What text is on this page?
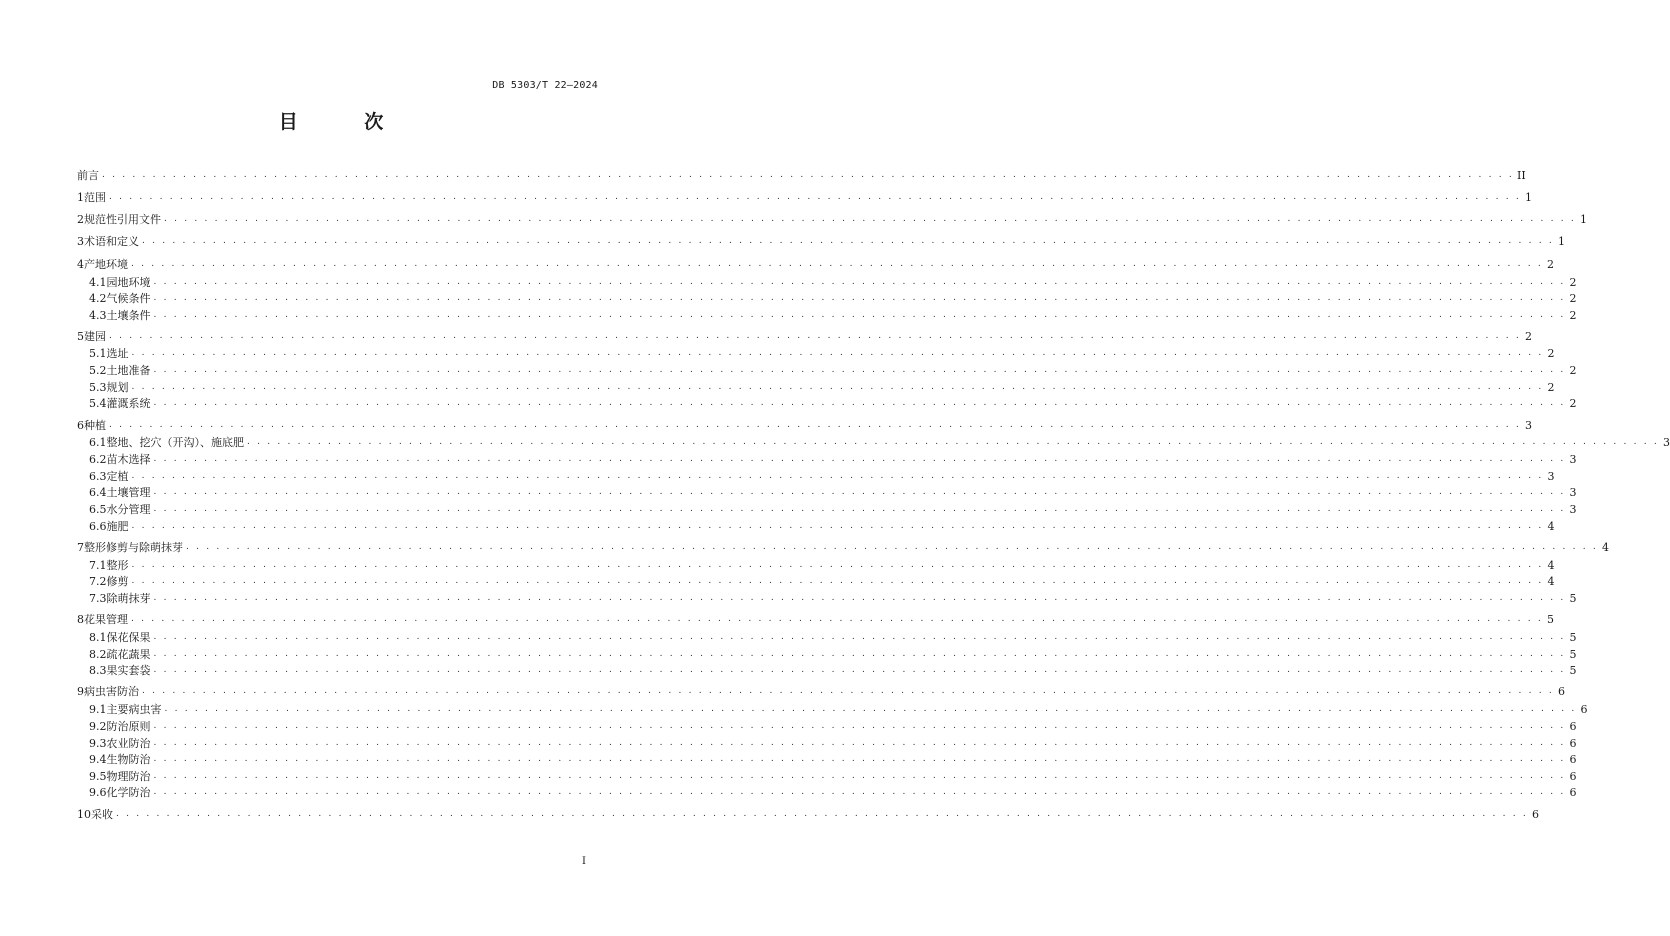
DB 5303/T 22—2024
目 次
前言 . . . . . . . . . . . . . . . . . . . . . . . . . . . . . . . . . . . . . . . . . . . . . . . . . . . . . . . . . . . . . . . . . . . . . . . . . . . . . . . . . . . . . . . . . . . . . . . . . . . . . . . . . . . . . . . . . . . . . . . . . . . . . . . . . . . . . . . . . . . . II
1 范围 . . . . . . . . . . . . . . . . . . . . . . . . . . . . . . . . . . . . . . . . . . . . . . . . . . . . . . . . . . . . . . . . . . . . . . . . . . . . . . . . . . . . . . . . . . . . . . . . . . . . . . . . . . . . . . . . . . . . . . . . . . . . . . . . . . . . . . . . . . . . 1
2 规范性引用文件 . . . . . . . . . . . . . . . . . . . . . . . . . . . . . . . . . . . . . . . . . . . . . . . . . . . . . . . . . . . . . . . . . . . . . . . . . . . . . . . . . . . . . . . . . . . . . . . . . . . . . . . . . . . . . . . . . . . . . . . . . . . . . . . . . . . . . . . . . . . . 1
3 术语和定义 . . . . . . . . . . . . . . . . . . . . . . . . . . . . . . . . . . . . . . . . . . . . . . . . . . . . . . . . . . . . . . . . . . . . . . . . . . . . . . . . . . . . . . . . . . . . . . . . . . . . . . . . . . . . . . . . . . . . . . . . . . . . . . . . . . . . . . . . . . . . 1
4 产地环境 . . . . . . . . . . . . . . . . . . . . . . . . . . . . . . . . . . . . . . . . . . . . . . . . . . . . . . . . . . . . . . . . . . . . . . . . . . . . . . . . . . . . . . . . . . . . . . . . . . . . . . . . . . . . . . . . . . . . . . . . . . . . . . . . . . . . . . . . . . . . 2
4.1 园地环境 . . . . . . . . . . . . . . . . . . . . . . . . . . . . . . . . . . . . . . . . . . . . . . . . . . . . . . . . . . . . . . . . . . . . . . . . . . . . . . . . . . . . . . . . . . . . . . . . . . . . . . . . . . . . . . . . . . . . . . . . . . . . . . . . . . . . . . . . . . . . 2
4.2 气候条件 . . . . . . . . . . . . . . . . . . . . . . . . . . . . . . . . . . . . . . . . . . . . . . . . . . . . . . . . . . . . . . . . . . . . . . . . . . . . . . . . . . . . . . . . . . . . . . . . . . . . . . . . . . . . . . . . . . . . . . . . . . . . . . . . . . . . . . . . . . . . 2
4.3 土壤条件 . . . . . . . . . . . . . . . . . . . . . . . . . . . . . . . . . . . . . . . . . . . . . . . . . . . . . . . . . . . . . . . . . . . . . . . . . . . . . . . . . . . . . . . . . . . . . . . . . . . . . . . . . . . . . . . . . . . . . . . . . . . . . . . . . . . . . . . . . . . . 2
5 建园 . . . . . . . . . . . . . . . . . . . . . . . . . . . . . . . . . . . . . . . . . . . . . . . . . . . . . . . . . . . . . . . . . . . . . . . . . . . . . . . . . . . . . . . . . . . . . . . . . . . . . . . . . . . . . . . . . . . . . . . . . . . . . . . . . . . . . . . . . . . . 2
5.1 选址 . . . . . . . . . . . . . . . . . . . . . . . . . . . . . . . . . . . . . . . . . . . . . . . . . . . . . . . . . . . . . . . . . . . . . . . . . . . . . . . . . . . . . . . . . . . . . . . . . . . . . . . . . . . . . . . . . . . . . . . . . . . . . . . . . . . . . . . . . . . . 2
5.2 土地准备 . . . . . . . . . . . . . . . . . . . . . . . . . . . . . . . . . . . . . . . . . . . . . . . . . . . . . . . . . . . . . . . . . . . . . . . . . . . . . . . . . . . . . . . . . . . . . . . . . . . . . . . . . . . . . . . . . . . . . . . . . . . . . . . . . . . . . . . . . . . . 2
5.3 规划 . . . . . . . . . . . . . . . . . . . . . . . . . . . . . . . . . . . . . . . . . . . . . . . . . . . . . . . . . . . . . . . . . . . . . . . . . . . . . . . . . . . . . . . . . . . . . . . . . . . . . . . . . . . . . . . . . . . . . . . . . . . . . . . . . . . . . . . . . . . . 2
5.4 灌溉系统 . . . . . . . . . . . . . . . . . . . . . . . . . . . . . . . . . . . . . . . . . . . . . . . . . . . . . . . . . . . . . . . . . . . . . . . . . . . . . . . . . . . . . . . . . . . . . . . . . . . . . . . . . . . . . . . . . . . . . . . . . . . . . . . . . . . . . . . . . . . . 2
6 种植 . . . . . . . . . . . . . . . . . . . . . . . . . . . . . . . . . . . . . . . . . . . . . . . . . . . . . . . . . . . . . . . . . . . . . . . . . . . . . . . . . . . . . . . . . . . . . . . . . . . . . . . . . . . . . . . . . . . . . . . . . . . . . . . . . . . . . . . . . . . . 3
6.1 整地、挖穴（开沟）、施底肥 . . . . . . . . . . . . . . . . . . . . . . . . . . . . . . . . . . . . . . . . . . . . . . . . . . . . . . . . . . . . . . . . . . . . . . . . . . . . . . . . . . . . . . . . . . . . . . . . . . . . . . . . . . . . . . . . . . . . . . . . . . . . . . . . . . . . . . . . . . . . 3
6.2 苗木选择 . . . . . . . . . . . . . . . . . . . . . . . . . . . . . . . . . . . . . . . . . . . . . . . . . . . . . . . . . . . . . . . . . . . . . . . . . . . . . . . . . . . . . . . . . . . . . . . . . . . . . . . . . . . . . . . . . . . . . . . . . . . . . . . . . . . . . . . . . . . . 3
6.3 定植 . . . . . . . . . . . . . . . . . . . . . . . . . . . . . . . . . . . . . . . . . . . . . . . . . . . . . . . . . . . . . . . . . . . . . . . . . . . . . . . . . . . . . . . . . . . . . . . . . . . . . . . . . . . . . . . . . . . . . . . . . . . . . . . . . . . . . . . . . . . . 3
6.4 土壤管理 . . . . . . . . . . . . . . . . . . . . . . . . . . . . . . . . . . . . . . . . . . . . . . . . . . . . . . . . . . . . . . . . . . . . . . . . . . . . . . . . . . . . . . . . . . . . . . . . . . . . . . . . . . . . . . . . . . . . . . . . . . . . . . . . . . . . . . . . . . . . 3
6.5 水分管理 . . . . . . . . . . . . . . . . . . . . . . . . . . . . . . . . . . . . . . . . . . . . . . . . . . . . . . . . . . . . . . . . . . . . . . . . . . . . . . . . . . . . . . . . . . . . . . . . . . . . . . . . . . . . . . . . . . . . . . . . . . . . . . . . . . . . . . . . . . . . 3
6.6 施肥 . . . . . . . . . . . . . . . . . . . . . . . . . . . . . . . . . . . . . . . . . . . . . . . . . . . . . . . . . . . . . . . . . . . . . . . . . . . . . . . . . . . . . . . . . . . . . . . . . . . . . . . . . . . . . . . . . . . . . . . . . . . . . . . . . . . . . . . . . . . . 4
7 整形修剪与除萌抹芽 . . . . . . . . . . . . . . . . . . . . . . . . . . . . . . . . . . . . . . . . . . . . . . . . . . . . . . . . . . . . . . . . . . . . . . . . . . . . . . . . . . . . . . . . . . . . . . . . . . . . . . . . . . . . . . . . . . . . . . . . . . . . . . . . . . . . . . . . . . . . 4
7.1 整形 . . . . . . . . . . . . . . . . . . . . . . . . . . . . . . . . . . . . . . . . . . . . . . . . . . . . . . . . . . . . . . . . . . . . . . . . . . . . . . . . . . . . . . . . . . . . . . . . . . . . . . . . . . . . . . . . . . . . . . . . . . . . . . . . . . . . . . . . . . . . 4
7.2 修剪 . . . . . . . . . . . . . . . . . . . . . . . . . . . . . . . . . . . . . . . . . . . . . . . . . . . . . . . . . . . . . . . . . . . . . . . . . . . . . . . . . . . . . . . . . . . . . . . . . . . . . . . . . . . . . . . . . . . . . . . . . . . . . . . . . . . . . . . . . . . . 4
7.3 除萌抹芽 . . . . . . . . . . . . . . . . . . . . . . . . . . . . . . . . . . . . . . . . . . . . . . . . . . . . . . . . . . . . . . . . . . . . . . . . . . . . . . . . . . . . . . . . . . . . . . . . . . . . . . . . . . . . . . . . . . . . . . . . . . . . . . . . . . . . . . . . . . . . 5
8 花果管理 . . . . . . . . . . . . . . . . . . . . . . . . . . . . . . . . . . . . . . . . . . . . . . . . . . . . . . . . . . . . . . . . . . . . . . . . . . . . . . . . . . . . . . . . . . . . . . . . . . . . . . . . . . . . . . . . . . . . . . . . . . . . . . . . . . . . . . . . . . . . 5
8.1 保花保果 . . . . . . . . . . . . . . . . . . . . . . . . . . . . . . . . . . . . . . . . . . . . . . . . . . . . . . . . . . . . . . . . . . . . . . . . . . . . . . . . . . . . . . . . . . . . . . . . . . . . . . . . . . . . . . . . . . . . . . . . . . . . . . . . . . . . . . . . . . . . 5
8.2 疏花蔬果 . . . . . . . . . . . . . . . . . . . . . . . . . . . . . . . . . . . . . . . . . . . . . . . . . . . . . . . . . . . . . . . . . . . . . . . . . . . . . . . . . . . . . . . . . . . . . . . . . . . . . . . . . . . . . . . . . . . . . . . . . . . . . . . . . . . . . . . . . . . . 5
8.3 果实套袋 . . . . . . . . . . . . . . . . . . . . . . . . . . . . . . . . . . . . . . . . . . . . . . . . . . . . . . . . . . . . . . . . . . . . . . . . . . . . . . . . . . . . . . . . . . . . . . . . . . . . . . . . . . . . . . . . . . . . . . . . . . . . . . . . . . . . . . . . . . . . 5
9 病虫害防治 . . . . . . . . . . . . . . . . . . . . . . . . . . . . . . . . . . . . . . . . . . . . . . . . . . . . . . . . . . . . . . . . . . . . . . . . . . . . . . . . . . . . . . . . . . . . . . . . . . . . . . . . . . . . . . . . . . . . . . . . . . . . . . . . . . . . . . . . . . . . 6
9.1 主要病虫害 . . . . . . . . . . . . . . . . . . . . . . . . . . . . . . . . . . . . . . . . . . . . . . . . . . . . . . . . . . . . . . . . . . . . . . . . . . . . . . . . . . . . . . . . . . . . . . . . . . . . . . . . . . . . . . . . . . . . . . . . . . . . . . . . . . . . . . . . . . . . 6
9.2 防治原则 . . . . . . . . . . . . . . . . . . . . . . . . . . . . . . . . . . . . . . . . . . . . . . . . . . . . . . . . . . . . . . . . . . . . . . . . . . . . . . . . . . . . . . . . . . . . . . . . . . . . . . . . . . . . . . . . . . . . . . . . . . . . . . . . . . . . . . . . . . . . 6
9.3 农业防治 . . . . . . . . . . . . . . . . . . . . . . . . . . . . . . . . . . . . . . . . . . . . . . . . . . . . . . . . . . . . . . . . . . . . . . . . . . . . . . . . . . . . . . . . . . . . . . . . . . . . . . . . . . . . . . . . . . . . . . . . . . . . . . . . . . . . . . . . . . . . 6
9.4 生物防治 . . . . . . . . . . . . . . . . . . . . . . . . . . . . . . . . . . . . . . . . . . . . . . . . . . . . . . . . . . . . . . . . . . . . . . . . . . . . . . . . . . . . . . . . . . . . . . . . . . . . . . . . . . . . . . . . . . . . . . . . . . . . . . . . . . . . . . . . . . . . 6
9.5 物理防治 . . . . . . . . . . . . . . . . . . . . . . . . . . . . . . . . . . . . . . . . . . . . . . . . . . . . . . . . . . . . . . . . . . . . . . . . . . . . . . . . . . . . . . . . . . . . . . . . . . . . . . . . . . . . . . . . . . . . . . . . . . . . . . . . . . . . . . . . . . . . 6
9.6 化学防治 . . . . . . . . . . . . . . . . . . . . . . . . . . . . . . . . . . . . . . . . . . . . . . . . . . . . . . . . . . . . . . . . . . . . . . . . . . . . . . . . . . . . . . . . . . . . . . . . . . . . . . . . . . . . . . . . . . . . . . . . . . . . . . . . . . . . . . . . . . . . 6
10 采收 . . . . . . . . . . . . . . . . . . . . . . . . . . . . . . . . . . . . . . . . . . . . . . . . . . . . . . . . . . . . . . . . . . . . . . . . . . . . . . . . . . . . . . . . . . . . . . . . . . . . . . . . . . . . . . . . . . . . . . . . . . . . . . . . . . . . . . . . . . . . 6
I
